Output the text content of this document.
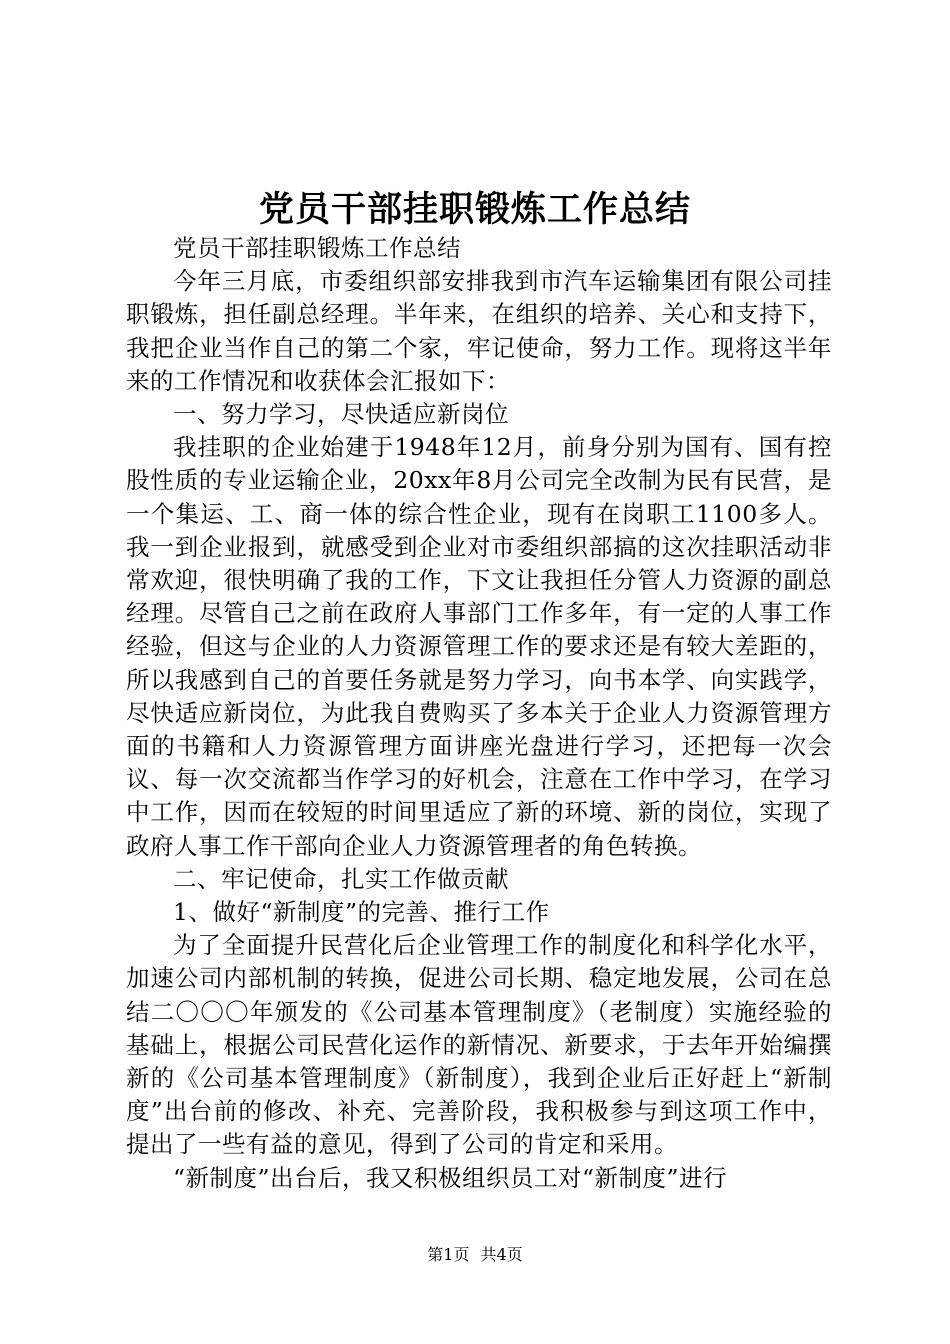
党员干部挂职锻炼工作总结

党员干部挂职锻炼工作总结

今年三月底，市委组织部安排我到市汽车运输集团有限公司挂职锻炼，担任副总经理。半年来，在组织的培养、关心和支持下，我把企业当作自己的第二个家，牢记使命，努力工作。现将这半年来的工作情况和收获体会汇报如下：

一、努力学习，尽快适应新岗位

我挂职的企业始建于1948年12月，前身分别为国有、国有控股性质的专业运输企业，20xx年8月公司完全改制为民有民营，是一个集运、工、商一体的综合性企业，现有在岗职工1100多人。我一到企业报到，就感受到企业对市委组织部搞的这次挂职活动非常欢迎，很快明确了我的工作，下文让我担任分管人力资源的副总经理。尽管自己之前在政府人事部门工作多年，有一定的人事工作经验，但这与企业的人力资源管理工作的要求还是有较大差距的，所以我感到自己的首要任务就是努力学习，向书本学、向实践学，尽快适应新岗位，为此我自费购买了多本关于企业人力资源管理方面的书籍和人力资源管理方面讲座光盘进行学习，还把每一次会议、每一次交流都当作学习的好机会，注意在工作中学习，在学习中工作，因而在较短的时间里适应了新的环境、新的岗位，实现了政府人事工作干部向企业人力资源管理者的角色转换。

二、牢记使命，扎实工作做贡献

1、做好“新制度”的完善、推行工作

为了全面提升民营化后企业管理工作的制度化和科学化水平，加速公司内部机制的转换，促进公司长期、稳定地发展，公司在总结二〇〇〇年颁发的《公司基本管理制度》（老制度）实施经验的基础上，根据公司民营化运作的新情况、新要求，于去年开始编撰新的《公司基本管理制度》（新制度），我到企业后正好赶上“新制度”出台前的修改、补充、完善阶段，我积极参与到这项工作中，提出了一些有益的意见，得到了公司的肯定和采用。

“新制度”出台后，我又积极组织员工对“新制度”进行

第1页 共4页
